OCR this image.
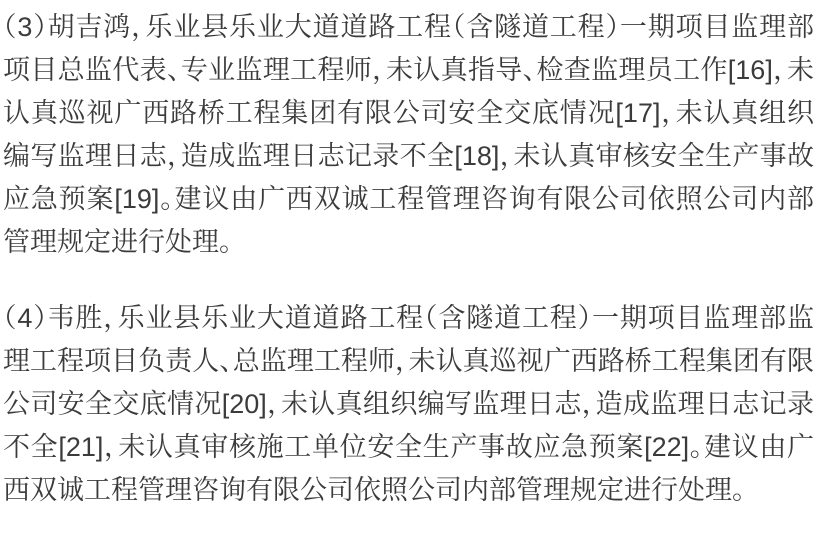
（3）胡吉鸿，乐业县乐业大道道路工程（含隧道工程）一期项目监理部项目总监代表、专业监理工程师，未认真指导、检查监理员工作[16]，未认真巡视广西路桥工程集团有限公司安全交底情况[17]，未认真组织编写监理日志，造成监理日志记录不全[18]，未认真审核安全生产事故应急预案[19]。建议由广西双诚工程管理咨询有限公司依照公司内部管理规定进行处理。

（4）韦胜，乐业县乐业大道道路工程（含隧道工程）一期项目监理部监理工程项目负责人、总监理工程师，未认真巡视广西路桥工程集团有限公司安全交底情况[20]，未认真组织编写监理日志，造成监理日志记录不全[21]，未认真审核施工单位安全生产事故应急预案[22]。建议由广西双诚工程管理咨询有限公司依照公司内部管理规定进行处理。
